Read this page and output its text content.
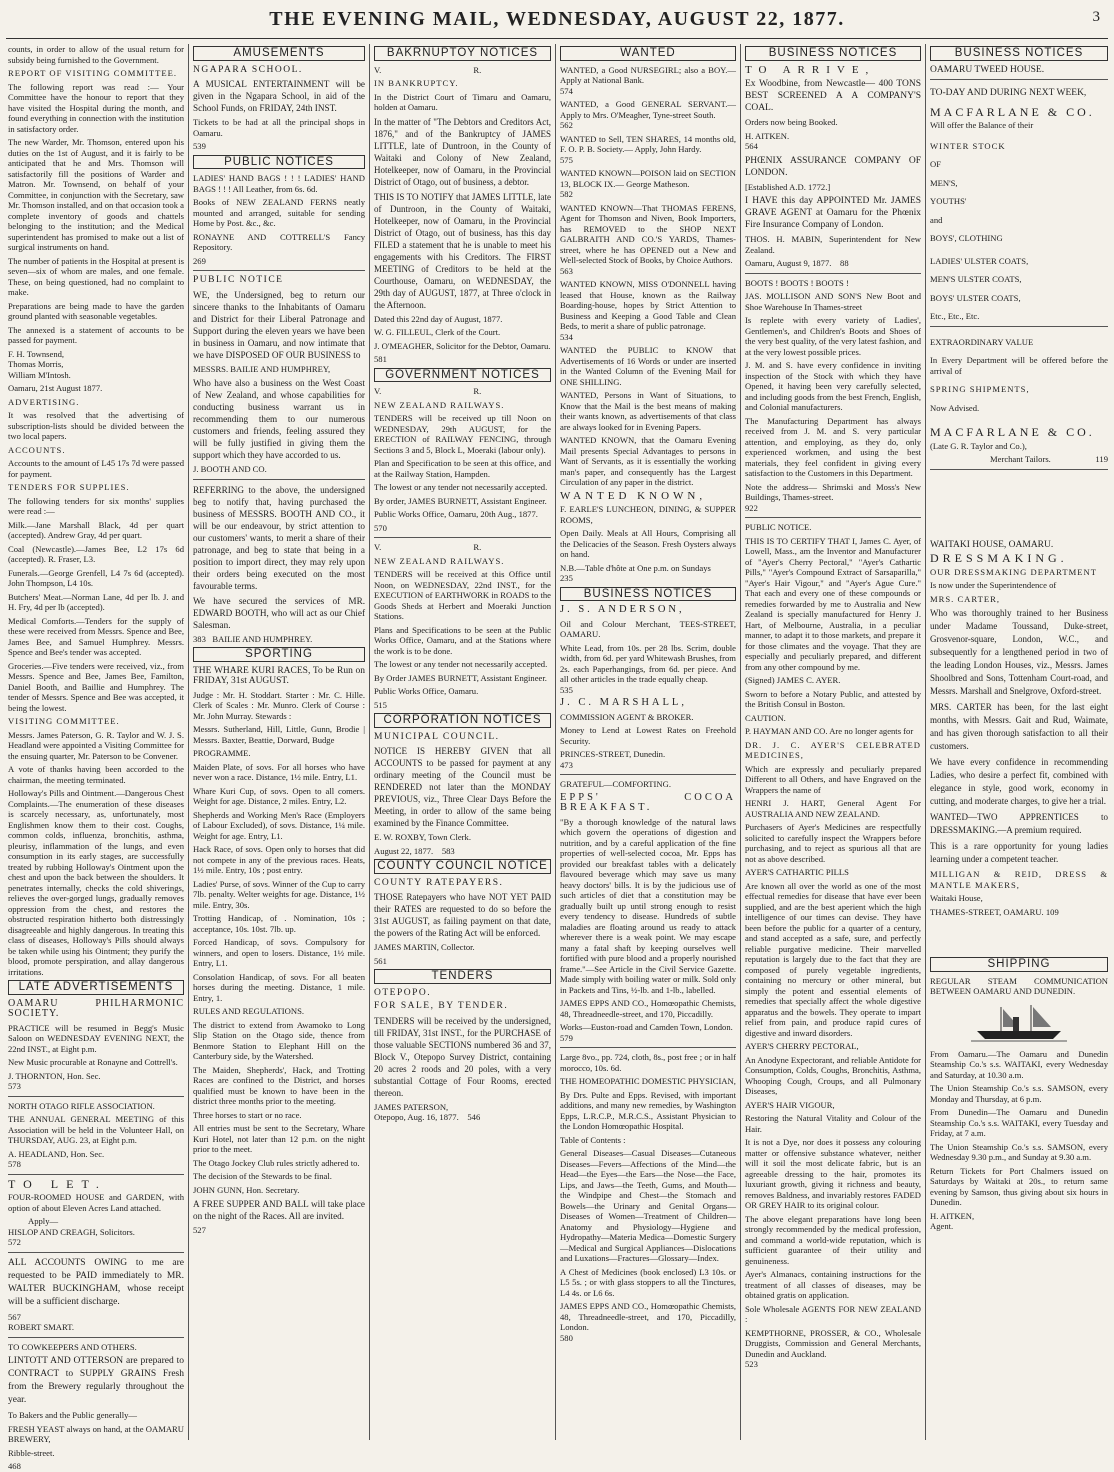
THE EVENING MAIL, WEDNESDAY, AUGUST 22, 1877.	3

counts, in order to allow of the usual return for subsidy being furnished to the Government.

REPORT OF VISITING COMMITTEE.

The following report was read :— Your Committee have the honour to report that they have visited the Hospital during the month, and found everything in connection with the institution in satisfactory order.

The new Warder, Mr. Thomson, entered upon his duties on the 1st of August, and it is fairly to be anticipated that he and Mrs. Thomson will satisfactorily fill the positions of Warder and Matron. Mr. Townsend, on behalf of your Committee, in conjunction with the Secretary, saw Mr. Thomson installed, and on that occasion took a complete inventory of goods and chattels belonging to the institution; and the Medical superintendent has promised to make out a list of surgical instruments on hand.

The number of patients in the Hospital at present is seven—six of whom are males, and one female. These, on being questioned, had no complaint to make.

Preparations are being made to have the garden ground planted with seasonable vegetables.

The annexed is a statement of accounts to be passed for payment.

F. H. Townsend,

Thomas Morris,

William M'Intosh.

Oamaru, 21st August 1877.

ADVERTISING.

It was resolved that the advertising of subscription-lists should be divided between the two local papers.

ACCOUNTS.

Accounts to the amount of L45 17s 7d were passed for payment.

TENDERS FOR SUPPLIES.

The following tenders for six months' supplies were read :—

Milk.—Jane Marshall Black, 4d per quart (accepted). Andrew Gray, 4d per quart.

Coal (Newcastle).—James Bee, L2 17s 6d (accepted). R. Fraser, L3.

Funerals.—George Grenfell, L4 7s 6d (accepted). John Thompson, L4 10s.

Butchers' Meat.—Norman Lane, 4d per lb. J. and H. Fry, 4d per lb (accepted).

Medical Comforts.—Tenders for the supply of these were received from Messrs. Spence and Bee, James Bee, and Samuel Humphrey. Messrs. Spence and Bee's tender was accepted.

Groceries.—Five tenders were received, viz., from Messrs. Spence and Bee, James Bee, Familton, Daniel Booth, and Baillie and Humphrey. The tender of Messrs. Spence and Bee was accepted, it being the lowest.

VISITING COMMITTEE.

Messrs. James Paterson, G. R. Taylor and W. J. S. Headland were appointed a Visiting Committee for the ensuing quarter, Mr. Paterson to be Convener.

A vote of thanks having been accorded to the chairman, the meeting terminated.

Holloway's Pills and Ointment.—Dangerous Chest Complaints.—The enumeration of these diseases is scarcely necessary, as, unfortunately, most Englishmen know them to their cost. Coughs, common colds, influenza, bronchitis, asthma, pleurisy, inflammation of the lungs, and even consumption in its early stages, are successfully treated by rubbing Holloway's Ointment upon the chest and upon the back between the shoulders. It penetrates internally, checks the cold shiverings, relieves the over-gorged lungs, gradually removes oppression from the chest, and restores the obstructed respiration hitherto both distressingly disagreeable and highly dangerous. In treating this class of diseases, Holloway's Pills should always be taken while using his Ointment; they purify the blood, promote perspiration, and allay dangerous irritations.

LATE ADVERTISEMENTS

OAMARU PHILHARMONIC SOCIETY.

PRACTICE will be resumed in Begg's Music Saloon on WEDNESDAY EVENING NEXT, the 22nd INST., at Eight p.m.

New Music procurable at Ronayne and Cottrell's.

J. THORNTON, Hon. Sec.

573

NORTH OTAGO RIFLE ASSOCIATION.

THE ANNUAL GENERAL MEETING of this Association will be held in the Volunteer Hall, on THURSDAY, AUG. 23, at Eight p.m.

A. HEADLAND, Hon. Sec.

578

TO LET.

FOUR-ROOMED HOUSE and GARDEN, with option of about Eleven Acres Land attached.

Apply—

HISLOP AND CREAGH, Solicitors.

572

ALL ACCOUNTS OWING to me are requested to be PAID immediately to MR. WALTER BUCKINGHAM, whose receipt will be a sufficient discharge.

567

ROBERT SMART.

TO COWKEEPERS AND OTHERS.

LINTOTT AND OTTERSON are prepared to CONTRACT to SUPPLY GRAINS Fresh from the Brewery regularly throughout the year.

To Bakers and the Public generally—

FRESH YEAST always on hand, at the OAMARU BREWERY,

Ribble-street.

468

AMUSEMENTS

NGAPARA SCHOOL.

A MUSICAL ENTERTAINMENT will be given in the Ngapara School, in aid of the School Funds, on FRIDAY, 24th INST.

Tickets to be had at all the principal shops in Oamaru.

539

PUBLIC NOTICES

LADIES' HAND BAGS ! ! ! LADIES' HAND BAGS ! ! ! All Leather, from 6s. 6d.

Books of NEW ZEALAND FERNS neatly mounted and arranged, suitable for sending Home by Post. &c., &c.

RONAYNE AND COTTRELL'S Fancy Repository.

269

PUBLIC NOTICE

WE, the Undersigned, beg to return our sincere thanks to the Inhabitants of Oamaru and District for their Liberal Patronage and Support during the eleven years we have been in business in Oamaru, and now intimate that we have DISPOSED OF OUR BUSINESS to

MESSRS. BAILIE AND HUMPHREY,

Who have also a business on the West Coast of New Zealand, and whose capabilities for conducting business warrant us in recommending them to our numerous customers and friends, feeling assured they will be fully justified in giving them the support which they have accorded to us.

J. BOOTH AND CO.

REFERRING to the above, the undersigned beg to notify that, having purchased the business of MESSRS. BOOTH AND CO., it will be our endeavour, by strict attention to our customers' wants, to merit a share of their patronage, and beg to state that being in a position to import direct, they may rely upon their orders being executed on the most favourable terms.

We have secured the services of MR. EDWARD BOOTH, who will act as our Chief Salesman.

383 BAILIE AND HUMPHREY.

SPORTING

THE WHARE KURI RACES, To be Run on FRIDAY, 31st AUGUST.

Judge : Mr. H. Stoddart. Starter : Mr. C. Hille. Clerk of Scales : Mr. Munro. Clerk of Course : Mr. John Murray. Stewards :

Messrs. Sutherland, Hill, Little, Gunn, Brodie | Messrs. Baxter, Beattie, Dorward, Budge

PROGRAMME.

Maiden Plate, of sovs. For all horses who have never won a race. Distance, 1½ mile. Entry, L1.

Whare Kuri Cup, of sovs. Open to all comers. Weight for age. Distance, 2 miles. Entry, L2.

Shepherds and Working Men's Race (Employers of Labour Excluded), of sovs. Distance, 1¼ mile. Weight for age. Entry, L1.

Hack Race, of sovs. Open only to horses that did not compete in any of the previous races. Heats, 1½ mile. Entry, 10s ; post entry.

Ladies' Purse, of sovs. Winner of the Cup to carry 7lb. penalty. Welter weights for age. Distance, 1½ mile. Entry, 30s.

Trotting Handicap, of . Nomination, 10s ; acceptance, 10s. 10st. 7lb. up.

Forced Handicap, of sovs. Compulsory for winners, and open to losers. Distance, 1½ mile. Entry, L1.

Consolation Handicap, of sovs. For all beaten horses during the meeting. Distance, 1 mile. Entry, 1.

RULES AND REGULATIONS.

The district to extend from Awamoko to Long Slip Station on the Otago side, thence from Benmore Station to Elephant Hill on the Canterbury side, by the Watershed.

The Maiden, Shepherds', Hack, and Trotting Races are confined to the District, and horses qualified must be known to have been in the district three months prior to the meeting.

Three horses to start or no race.

All entries must be sent to the Secretary, Whare Kuri Hotel, not later than 12 p.m. on the night prior to the meet.

The Otago Jockey Club rules strictly adhered to.

The decision of the Stewards to be final.

JOHN GUNN, Hon. Secretary.

A FREE SUPPER AND BALL will take place on the night of the Races. All are invited.

527

BAKRNUPTOY NOTICES

V. R.

IN BANKRUPTCY.

In the District Court of Timaru and Oamaru, holden at Oamaru.

In the matter of "The Debtors and Creditors Act, 1876," and of the Bankruptcy of JAMES LITTLE, late of Duntroon, in the County of Waitaki and Colony of New Zealand, Hotelkeeper, now of Oamaru, in the Provincial District of Otago, out of business, a debtor.

THIS IS TO NOTIFY that JAMES LITTLE, late of Duntroon, in the County of Waitaki, Hotelkeeper, now of Oamaru, in the Provincial District of Otago, out of business, has this day FILED a statement that he is unable to meet his engagements with his Creditors. The FIRST MEETING of Creditors to be held at the Courthouse, Oamaru, on WEDNESDAY, the 29th day of AUGUST, 1877, at Three o'clock in the Afternoon.

Dated this 22nd day of August, 1877.

W. G. FILLEUL, Clerk of the Court.

J. O'MEAGHER, Solicitor for the Debtor, Oamaru.

581

GOVERNMENT NOTICES

V. R.

NEW ZEALAND RAILWAYS.

TENDERS will be received up till Noon on WEDNESDAY, 29th AUGUST, for the ERECTION of RAILWAY FENCING, through Sections 3 and 5, Block L, Moeraki (labour only).

Plan and Specification to be seen at this office, and at the Railway Station, Hampden.

The lowest or any tender not necessarily accepted.

By order, JAMES BURNETT, Assistant Engineer.

Public Works Office, Oamaru, 20th Aug., 1877.

570

V. R.

NEW ZEALAND RAILWAYS.

TENDERS will be received at this Office until Noon, on WEDNESDAY, 22nd INST., for the EXECUTION of EARTHWORK in ROADS to the Goods Sheds at Herbert and Moeraki Junction Stations.

Plans and Specifications to be seen at the Public Works Office, Oamaru, and at the Stations where the work is to be done.

The lowest or any tender not necessarily accepted.

By Order JAMES BURNETT, Assistant Engineer.

Public Works Office, Oamaru.

515

CORPORATION NOTICES

MUNICIPAL COUNCIL.

NOTICE IS HEREBY GIVEN that all ACCOUNTS to be passed for payment at any ordinary meeting of the Council must be RENDERED not later than the MONDAY PREVIOUS, viz., Three Clear Days Before the Meeting, in order to allow of the same being examined by the Finance Committee.

E. W. ROXBY, Town Clerk.

August 22, 1877. 583

COUNTY COUNCIL NOTICE

COUNTY RATEPAYERS.

THOSE Ratepayers who have NOT YET PAID their RATES are requested to do so before the 31st AUGUST, as failing payment on that date, the powers of the Rating Act will be enforced.

JAMES MARTIN, Collector.

561

TENDERS

OTEPOPO.

FOR SALE, BY TENDER.

TENDERS will be received by the undersigned, till FRIDAY, 31st INST., for the PURCHASE of those valuable SECTIONS numbered 36 and 37, Block V., Otepopo Survey District, containing 20 acres 2 roods and 20 poles, with a very substantial Cottage of Four Rooms, erected thereon.

JAMES PATERSON,

Otepopo, Aug. 16, 1877. 546

WANTED

WANTED, a Good NURSEGIRL; also a BOY.—Apply at National Bank.

574

WANTED, a Good GENERAL SERVANT.—Apply to Mrs. O'Meagher, Tyne-street South.

562

WANTED to Sell, TEN SHARES, 14 months old, F. O. P. B. Society.— Apply, John Hardy.

575

WANTED KNOWN—POISON laid on SECTION 13, BLOCK IX.— George Matheson.

582

WANTED KNOWN—That THOMAS FERENS, Agent for Thomson and Niven, Book Importers, has REMOVED to the SHOP NEXT GALBRAITH AND CO.'S YARDS, Thames-street, where he has OPENED out a New and Well-selected Stock of Books, by Choice Authors.

563

WANTED KNOWN, MISS O'DONNELL having leased that House, known as the Railway Boarding-house, hopes by Strict Attention to Business and Keeping a Good Table and Clean Beds, to merit a share of public patronage.

534

WANTED the PUBLIC to KNOW that Advertisements of 16 Words or under are inserted in the Wanted Column of the Evening Mail for ONE SHILLING.

WANTED, Persons in Want of Situations, to Know that the Mail is the best means of making their wants known, as advertisements of that class are always looked for in Evening Papers.

WANTED KNOWN, that the Oamaru Evening Mail presents Special Advantages to persons in Want of Servants, as it is essentially the working man's paper, and consequently has the Largest Circulation of any paper in the district.

WANTED KNOWN,

F. EARLE'S LUNCHEON, DINING, & SUPPER ROOMS,

Open Daily. Meals at All Hours, Comprising all the Delicacies of the Season. Fresh Oysters always on hand.

N.B.—Table d'hôte at One p.m. on Sundays

235

BUSINESS NOTICES

J. S. ANDERSON,

Oil and Colour Merchant, TEES-STREET, OAMARU.

White Lead, from 10s. per 28 lbs. Scrim, double width, from 6d. per yard Whitewash Brushes, from 2s. each Paperhangings, from 6d. per piece. And all other articles in the trade equally cheap.

535

J. C. MARSHALL,

COMMISSION AGENT & BROKER.

Money to Lend at Lowest Rates on Freehold Security.

PRINCES-STREET, Dunedin.

473

GRATEFUL—COMFORTING.

EPPS' COCOA BREAKFAST.

"By a thorough knowledge of the natural laws which govern the operations of digestion and nutrition, and by a careful application of the fine properties of well-selected cocoa, Mr. Epps has provided our breakfast tables with a delicately flavoured beverage which may save us many heavy doctors' bills. It is by the judicious use of such articles of diet that a constitution may be gradually built up until strong enough to resist every tendency to disease. Hundreds of subtle maladies are floating around us ready to attack wherever there is a weak point. We may escape many a fatal shaft by keeping ourselves well fortified with pure blood and a properly nourished frame."—See Article in the Civil Service Gazette. Made simply with boiling water or milk. Sold only in Packets and Tins, ½-lb. and 1-lb., labelled.

JAMES EPPS AND CO., Homœopathic Chemists, 48, Threadneedle-street, and 170, Piccadilly.

Works—Euston-road and Camden Town, London.

579

Large 8vo., pp. 724, cloth, 8s., post free ; or in half morocco, 10s. 6d.

THE HOMEOPATHIC DOMESTIC PHYSICIAN,

By Drs. Pulte and Epps. Revised, with important additions, and many new remedies, by Washington Epps, L.R.C.P., M.R.C.S., Assistant Physician to the London Homœopathic Hospital.

Table of Contents :

General Diseases—Casual Diseases—Cutaneous Diseases—Fevers—Affections of the Mind—the Head—the Eyes—the Ears—the Nose—the Face, Lips, and Jaws—the Teeth, Gums, and Mouth—the Windpipe and Chest—the Stomach and Bowels—the Urinary and Genital Organs—Diseases of Women—Treatment of Children—Anatomy and Physiology—Hygiene and Hydropathy—Materia Medica—Domestic Surgery—Medical and Surgical Appliances—Dislocations and Luxations—Fractures—Glossary—Index.

A Chest of Medicines (book enclosed) L3 10s. or L5 5s. ; or with glass stoppers to all the Tinctures, L4 4s. or L6 6s.

JAMES EPPS AND CO., Homœopathic Chemists, 48, Threadneedle-street, and 170, Piccadilly, London.

580

BUSINESS NOTICES

TO ARRIVE,

Ex Woodbine, from Newcastle— 400 TONS BEST SCREENED A A COMPANY'S COAL.

Orders now being Booked.

H. AITKEN.

564

PHŒNIX ASSURANCE COMPANY OF LONDON.

[Established A.D. 1772.]

I HAVE this day APPOINTED Mr. JAMES GRAVE AGENT at Oamaru for the Phœnix Fire Insurance Company of London.

THOS. H. MABIN, Superintendent for New Zealand.

Oamaru, August 9, 1877. 88

BOOTS ! BOOTS ! BOOTS !

JAS. MOLLISON AND SON'S New Boot and Shoe Warehouse In Thames-street

Is replete with every variety of Ladies', Gentlemen's, and Children's Boots and Shoes of the very best quality, of the very latest fashion, and at the very lowest possible prices.

J. M. and S. have every confidence in inviting inspection of the Stock with which they have Opened, it having been very carefully selected, and including goods from the best French, English, and Colonial manufacturers.

The Manufacturing Department has always received from J. M. and S. very particular attention, and employing, as they do, only experienced workmen, and using the best materials, they feel confident in giving every satisfaction to the Customers in this Department.

Note the address— Shrimski and Moss's New Buildings, Thames-street.

922

PUBLIC NOTICE.

THIS IS TO CERTIFY THAT I, James C. Ayer, of Lowell, Mass., am the Inventor and Manufacturer of "Ayer's Cherry Pectoral," "Ayer's Cathartic Pills," "Ayer's Compound Extract of Sarsaparilla," "Ayer's Hair Vigour," and "Ayer's Ague Cure." That each and every one of these compounds or remedies forwarded by me to Australia and New Zealand is specially manufactured for Henry J. Hart, of Melbourne, Australia, in a peculiar manner, to adapt it to those markets, and prepare it for those climates and the voyage. That they are especially and peculiarly prepared, and different from any other compound by me.

(Signed) JAMES C. AYER.

Sworn to before a Notary Public, and attested by the British Consul in Boston.

CAUTION.

P. HAYMAN AND CO. Are no longer agents for

DR. J. C. AYER'S CELEBRATED MEDICINES,

Which are expressly and peculiarly prepared Different to all Others, and have Engraved on the Wrappers the name of

HENRI J. HART, General Agent For AUSTRALIA AND NEW ZEALAND.

Purchasers of Ayer's Medicines are respectfully solicited to carefully inspect the Wrappers before purchasing, and to reject as spurious all that are not as above described.

AYER'S CATHARTIC PILLS

Are known all over the world as one of the most effectual remedies for disease that have ever been supplied, and are the best aperient which the high intelligence of our times can devise. They have been before the public for a quarter of a century, and stand accepted as a safe, sure, and perfectly reliable purgative medicine. Their marvelled reputation is largely due to the fact that they are composed of purely vegetable ingredients, containing no mercury or other mineral, but simply the potent and essential elements of remedies that specially affect the whole digestive apparatus and the bowels. They operate to impart relief from pain, and produce rapid cures of digestive and inward disorders.

AYER'S CHERRY PECTORAL,

An Anodyne Expectorant, and reliable Antidote for Consumption, Colds, Coughs, Bronchitis, Asthma, Whooping Cough, Croups, and all Pulmonary Diseases,

AYER'S HAIR VIGOUR,

Restoring the Natural Vitality and Colour of the Hair.

It is not a Dye, nor does it possess any colouring matter or offensive substance whatever, neither will it soil the most delicate fabric, but is an agreeable dressing to the hair, promotes its luxuriant growth, giving it richness and beauty, removes Baldness, and invariably restores FADED OR GREY HAIR to its original colour.

The above elegant preparations have long been strongly recommended by the medical profession, and command a world-wide reputation, which is sufficient guarantee of their utility and genuineness.

Ayer's Almanacs, containing instructions for the treatment of all classes of diseases, may be obtained gratis on application.

Sole Wholesale AGENTS FOR NEW ZEALAND :

KEMPTHORNE, PROSSER, & CO., Wholesale Druggists, Commission and General Merchants, Dunedin and Auckland.

523

BUSINESS NOTICES

OAMARU TWEED HOUSE.

TO-DAY AND DURING NEXT WEEK,

MACFARLANE & CO.

Will offer the Balance of their

WINTER STOCK

OF

MEN'S,

YOUTHS'

and

BOYS', CLOTHING

LADIES' ULSTER COATS,

MEN'S ULSTER COATS,

BOYS' ULSTER COATS,

Etc., Etc., Etc.

EXTRAORDINARY VALUE

In Every Department will be offered before the arrival of

SPRING SHIPMENTS,

Now Advised.

MACFARLANE & CO.

(Late G. R. Taylor and Co.),

Merchant Tailors.	119

WAITAKI HOUSE, OAMARU.

DRESSMAKING.

OUR DRESSMAKING DEPARTMENT

Is now under the Superintendence of

MRS. CARTER,

Who was thoroughly trained to her Business under Madame Toussand, Duke-street, Grosvenor-square, London, W.C., and subsequently for a lengthened period in two of the leading London Houses, viz., Messrs. James Shoolbred and Sons, Tottenham Court-road, and Messrs. Marshall and Snelgrove, Oxford-street.

MRS. CARTER has been, for the last eight months, with Messrs. Gait and Rud, Waimate, and has given thorough satisfaction to all their customers.

We have every confidence in recommending Ladies, who desire a perfect fit, combined with elegance in style, good work, economy in cutting, and moderate charges, to give her a trial.

WANTED—TWO APPRENTICES to DRESSMAKING.—A premium required.

This is a rare opportunity for young ladies learning under a competent teacher.

MILLIGAN & REID, DRESS & MANTLE MAKERS,

Waitaki House,

THAMES-STREET, OAMARU. 109

SHIPPING

REGULAR STEAM COMMUNICATION BETWEEN OAMARU AND DUNEDIN.

From Oamaru.—The Oamaru and Dunedin Steamship Co.'s s.s. WAITAKI, every Wednesday and Saturday, at 10.30 a.m.

The Union Steamship Co.'s s.s. SAMSON, every Monday and Thursday, at 6 p.m.

From Dunedin—The Oamaru and Dunedin Steamship Co.'s s.s. WAITAKI, every Tuesday and Friday, at 7 a.m.

The Union Steamship Co.'s s.s. SAMSON, every Wednesday 9.30 p.m., and Sunday at 9.30 a.m.

Return Tickets for Port Chalmers issued on Saturdays by Waitaki at 20s., to return same evening by Samson, thus giving about six hours in Dunedin.

H. AITKEN,

Agent.
